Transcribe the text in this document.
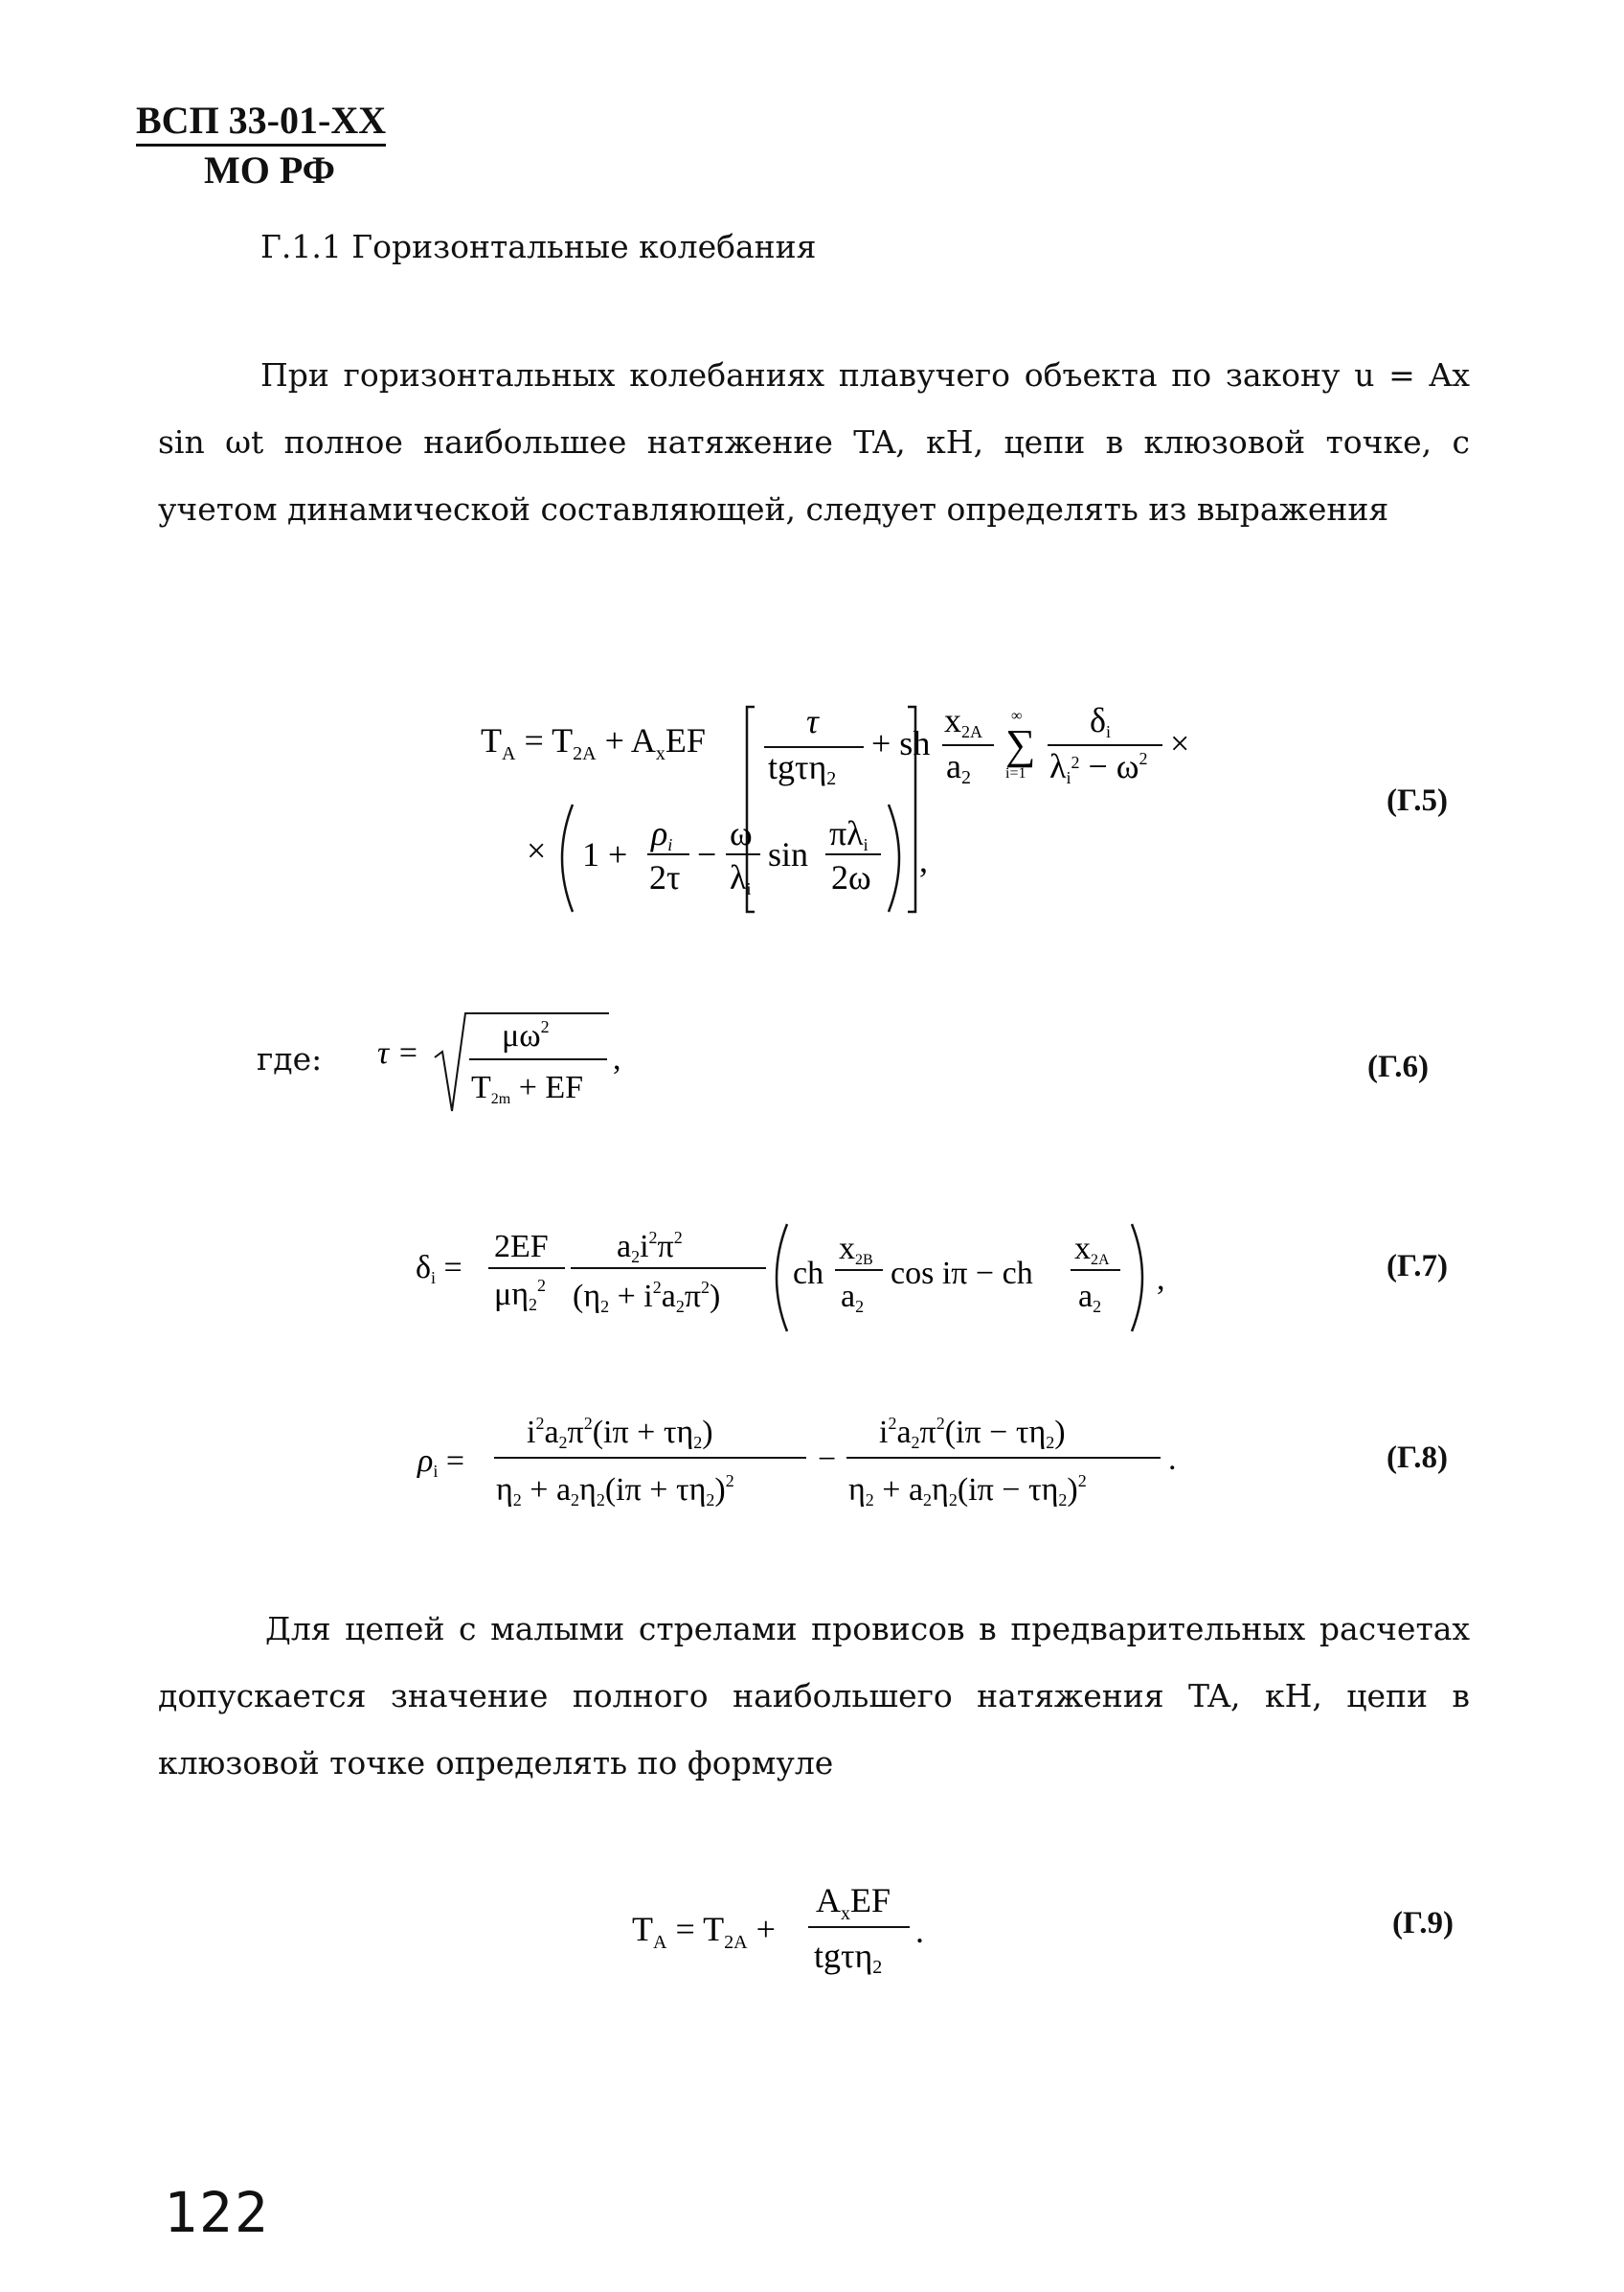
ВСП 33-01-ХХ
МО РФ
Г.1.1 Горизонтальные колебания
При горизонтальных колебаниях плавучего объекта по закону u = Ax sin ωt полное наибольшее натяжение TA, кН, цепи в клюзовой точке, с учетом динамической составляющей, следует определять из выражения
$T_A = T_{2A} + A_xEF$	τ
tgτη2
+ sh
x2A
a2
∑
∞
i=1
δi
$\lambda i^2 - \omega^2$ ×
× 1 +
ρi
2τ
−
ω
λi
sin
πλi
2ω ,
(Г.5)
где: τ =	$\mu\omega^2$
T2m + EF
,	(Г.6)
δi =
2EF
$\mu\eta 2^2$
$a2i^2\pi^2$
$(\eta 2 + i^2a2\pi^2)$
ch
x2B
a2
cos iπ − ch
x2A
a2
,	(Г.7)
ρi =
$i^2a2\pi^2(i\pi + \tau\eta 2)$
$\eta 2 + a2\eta 2(i\pi + \tau\eta 2)^2$
−
$i^2a2\pi^2(i\pi - \tau\eta 2)$
$\eta 2 + a2\eta 2(i\pi - \tau\eta 2)^2$
.	(Г.8)
Для цепей с малыми стрелами провисов в предварительных расчетах допускается значение полного наибольшего натяжения TA, кН, цепи в клюзовой точке определять по формуле
$T_A = T_{2A}$ +
$A_xEF$
tgτη2
.	(Г.9)
122
